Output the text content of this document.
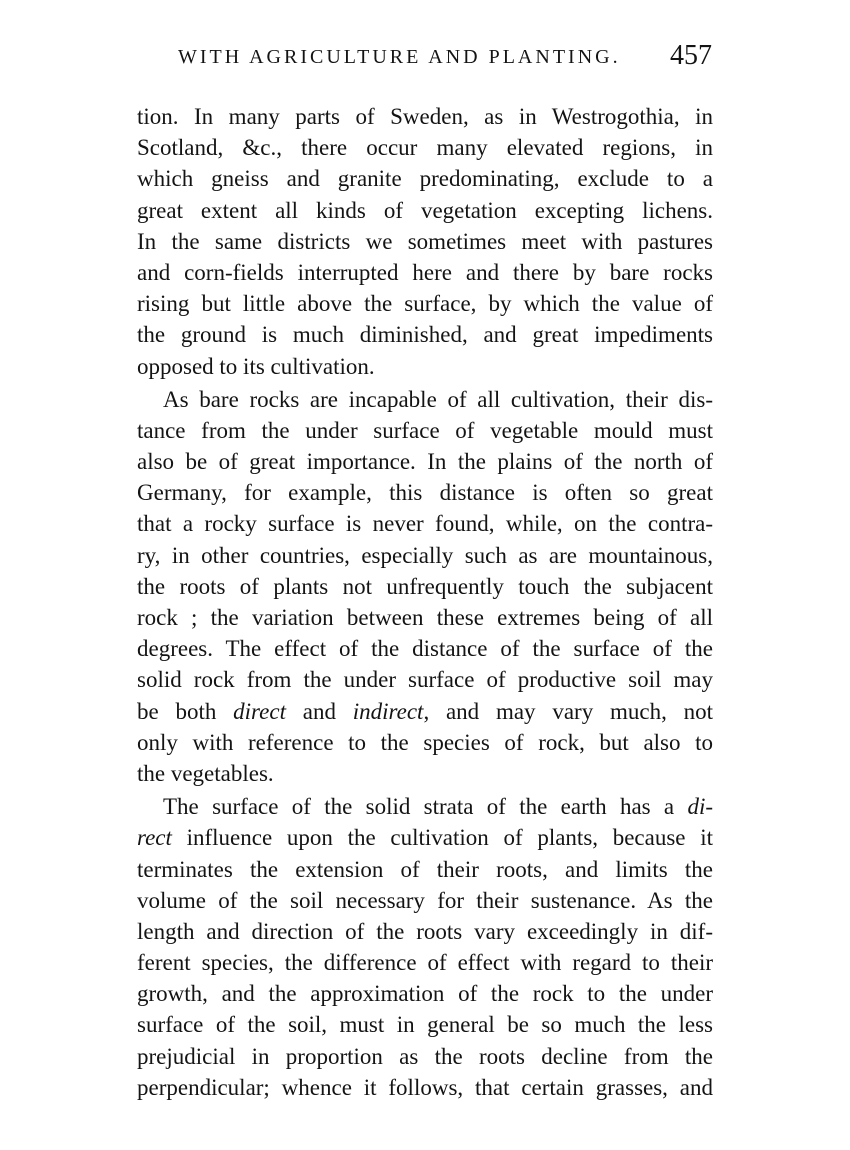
WITH AGRICULTURE AND PLANTING. 457
tion. In many parts of Sweden, as in Westrogothia, in
Scotland, &c., there occur many elevated regions, in
which gneiss and granite predominating, exclude to a
great extent all kinds of vegetation excepting lichens.
In the same districts we sometimes meet with pastures
and corn-fields interrupted here and there by bare rocks
rising but little above the surface, by which the value of
the ground is much diminished, and great impediments
opposed to its cultivation.
As bare rocks are incapable of all cultivation, their dis-
tance from the under surface of vegetable mould must
also be of great importance. In the plains of the north of
Germany, for example, this distance is often so great
that a rocky surface is never found, while, on the contra-
ry, in other countries, especially such as are mountainous,
the roots of plants not unfrequently touch the subjacent
rock ; the variation between these extremes being of all
degrees. The effect of the distance of the surface of the
solid rock from the under surface of productive soil may
be both direct and indirect, and may vary much, not
only with reference to the species of rock, but also to
the vegetables.
The surface of the solid strata of the earth has a di-
rect influence upon the cultivation of plants, because it
terminates the extension of their roots, and limits the
volume of the soil necessary for their sustenance. As the
length and direction of the roots vary exceedingly in dif-
ferent species, the difference of effect with regard to their
growth, and the approximation of the rock to the under
surface of the soil, must in general be so much the less
prejudicial in proportion as the roots decline from the
perpendicular; whence it follows, that certain grasses, and
